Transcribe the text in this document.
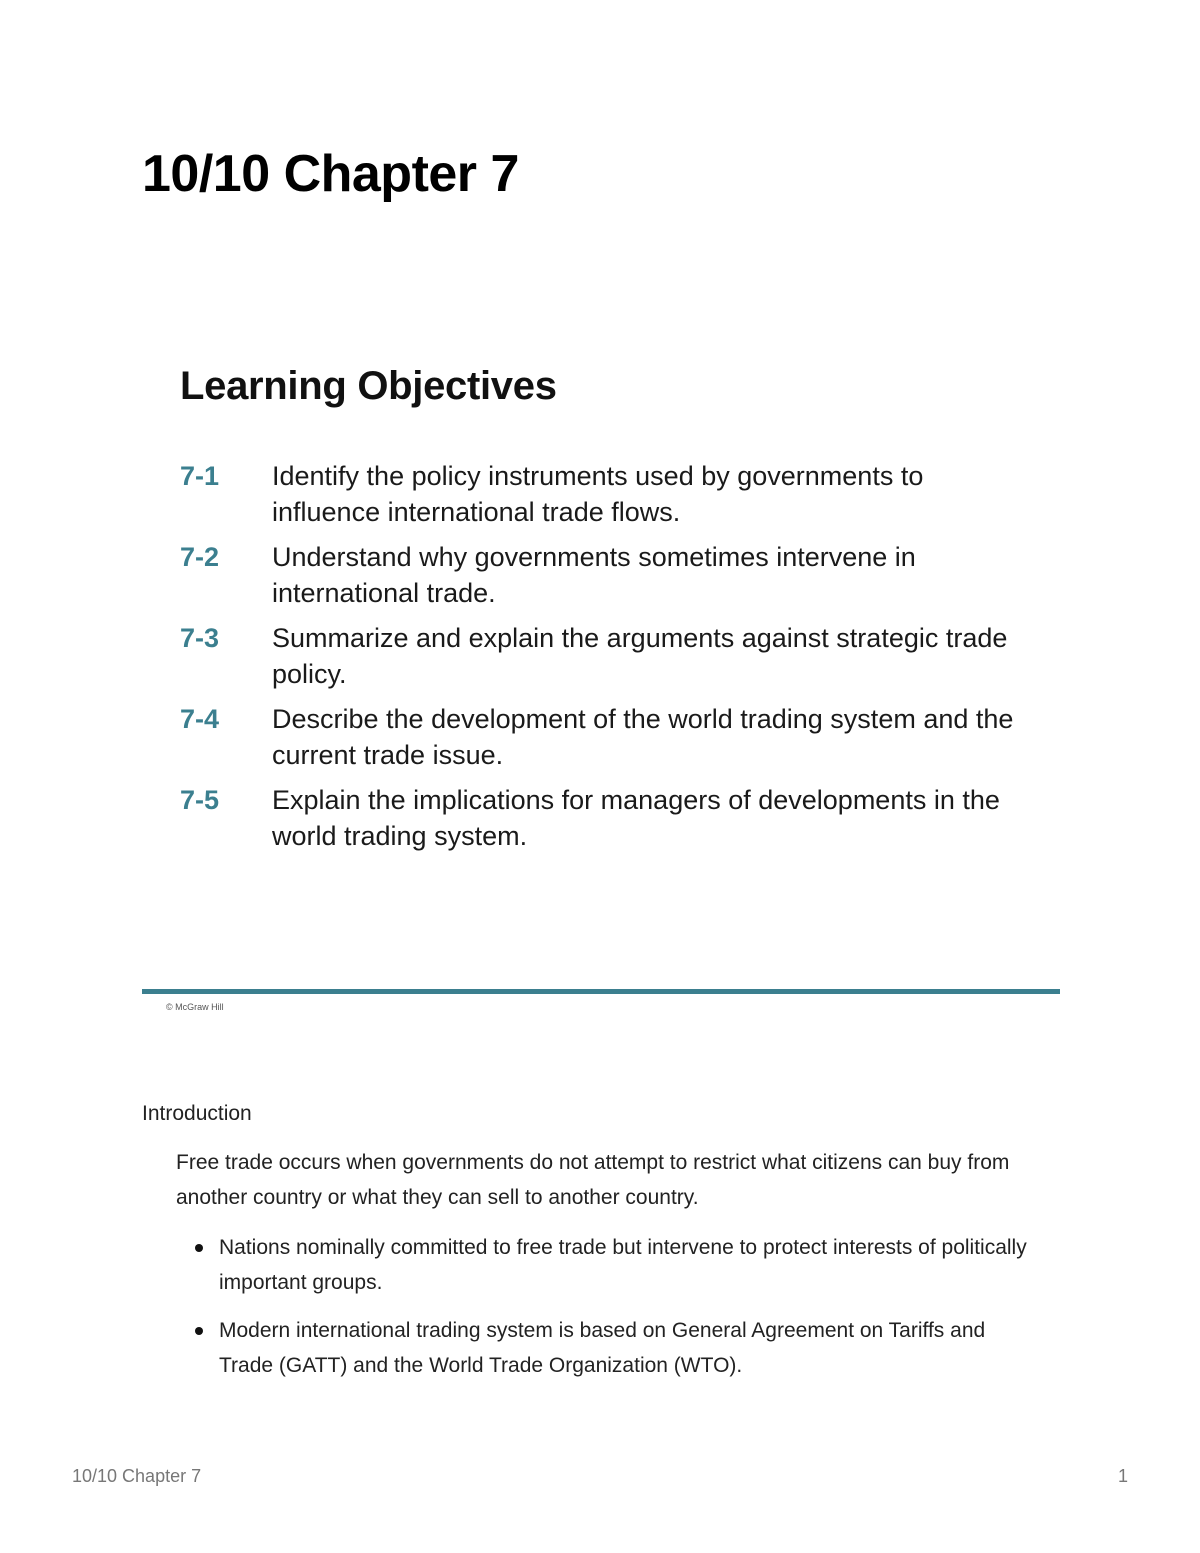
10/10 Chapter 7
Learning Objectives
7-1	Identify the policy instruments used by governments to influence international trade flows.
7-2	Understand why governments sometimes intervene in international trade.
7-3	Summarize and explain the arguments against strategic trade policy.
7-4	Describe the development of the world trading system and the current trade issue.
7-5	Explain the implications for managers of developments in the world trading system.
© McGraw Hill
Introduction

Free trade occurs when governments do not attempt to restrict what citizens can buy from another country or what they can sell to another country.

Nations nominally committed to free trade but intervene to protect interests of politically important groups.
Modern international trading system is based on General Agreement on Tariffs and Trade (GATT) and the World Trade Organization (WTO).
10/10 Chapter 7	1
